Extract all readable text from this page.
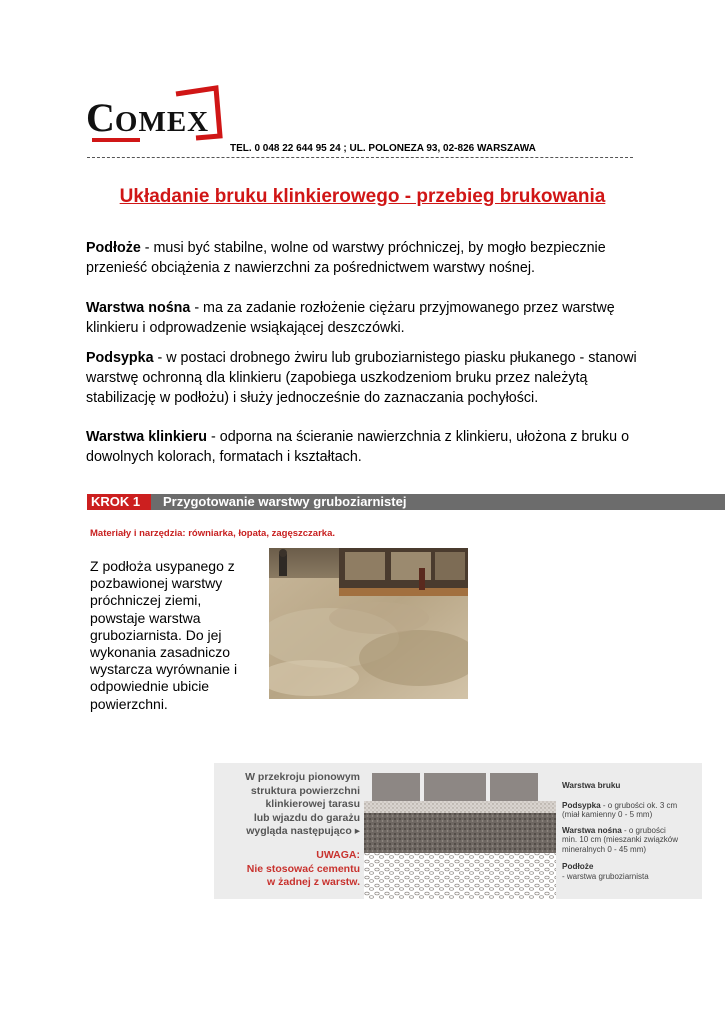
COMEX
TEL. 0 048 22 644 95 24 ; UL. POLONEZA 93, 02-826 WARSZAWA
Układanie bruku klinkierowego - przebieg brukowania

Podłoże - musi być stabilne, wolne od warstwy próchniczej, by mogło bezpiecznie przenieść obciążenia z nawierzchni za pośrednictwem warstwy nośnej.

Warstwa nośna - ma za zadanie rozłożenie ciężaru przyjmowanego przez warstwę klinkieru i odprowadzenie wsiąkającej deszczówki.

Podsypka - w postaci drobnego żwiru lub gruboziarnistego piasku płukanego - stanowi warstwę ochronną dla klinkieru (zapobiega uszkodzeniom bruku przez należytą stabilizację w podłożu) i służy jednocześnie do zaznaczania pochyłości.

Warstwa klinkieru - odporna na ścieranie nawierzchnia z klinkieru, ułożona z bruku o dowolnych kolorach, formatach i kształtach.

KROK 1	Przygotowanie warstwy gruboziarnistej
Materiały i narzędzia: równiarka, łopata, zagęszczarka.

Z podłoża usypanego z pozbawionej warstwy próchniczej ziemi, powstaje warstwa gruboziarnista. Do jej wykonania zasadniczo wystarcza wyrównanie i odpowiednie ubicie powierzchni.

W przekroju pionowym
struktura powierzchni
klinkierowej tarasu
lub wjazdu do garażu
wygląda następująco ▸
UWAGA:
Nie stosować cementu
w żadnej z warstw.
Warstwa bruku
Podsypka - o grubości ok. 3 cm
(miał kamienny 0 - 5 mm)
Warstwa nośna - o grubości
min. 10 cm (mieszanki związków
mineralnych 0 - 45 mm)
Podłoże
- warstwa gruboziarnista
